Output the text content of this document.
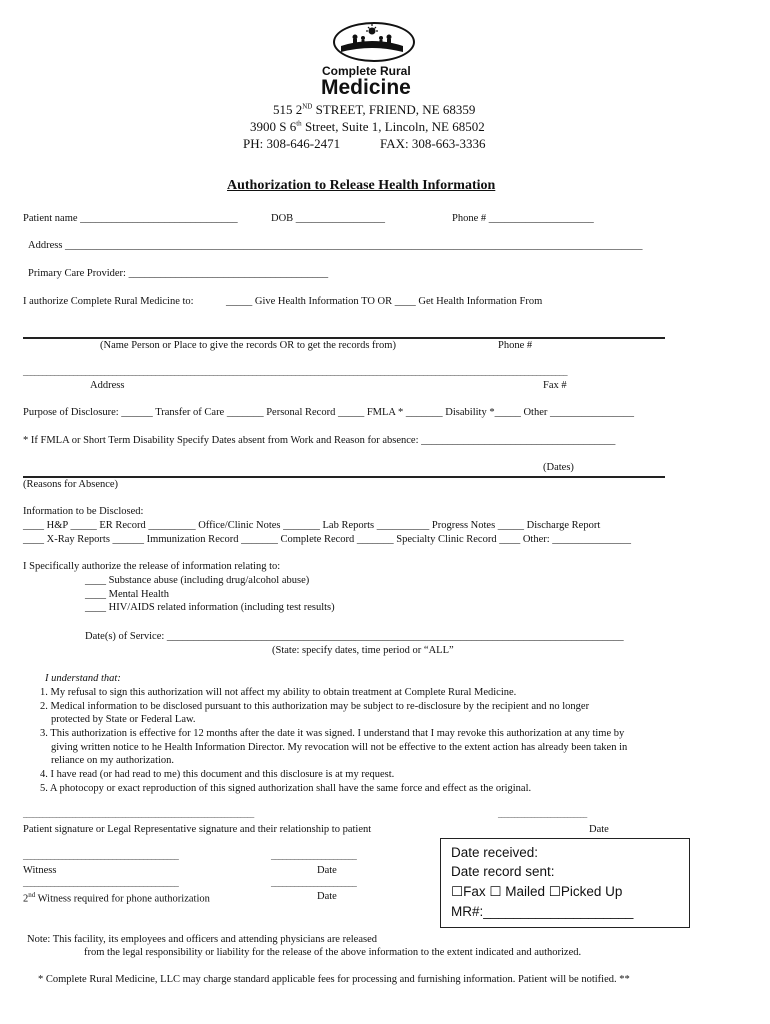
Complete Rural
Medicine
515 2ND STREET, FRIEND, NE 68359
3900 S 6th Street, Suite 1, Lincoln, NE 68502
PH: 308-646-2471	FAX: 308-663-3336
Authorization to Release Health Information
Patient name ______________________________	DOB _________________	Phone # ____________________
Address ______________________________________________________________________________________________________________
Primary Care Provider: ______________________________________
I authorize Complete Rural Medicine to:	_____ Give Health Information TO OR ____ Get Health Information From
(Name Person or Place to give the records OR to get the records from)	Phone #
____________________________________________________________________________________________________________________________________________
Address	Fax #
Purpose of Disclosure: ______ Transfer of Care _______ Personal Record _____ FMLA * _______ Disability *_____ Other ________________
* If FMLA or Short Term Disability Specify Dates absent from Work and Reason for absence: _____________________________________
(Dates)
(Reasons for Absence)
Information to be Disclosed:
____ H&P _____ ER Record _________ Office/Clinic Notes _______ Lab Reports __________ Progress Notes _____ Discharge Report
____ X-Ray Reports ______ Immunization Record _______ Complete Record _______ Specialty Clinic Record ____ Other: _______________
I Specifically authorize the release of information relating to:
____ Substance abuse (including drug/alcohol abuse)
____ Mental Health
____ HIV/AIDS related information (including test results)
Date(s) of Service: _______________________________________________________________________________________
(State: specify dates, time period or “ALL”
I understand that:
1. My refusal to sign this authorization will not affect my ability to obtain treatment at Complete Rural Medicine.
2. Medical information to be disclosed pursuant to this authorization may be subject to re-disclosure by the recipient and no longer
protected by State or Federal Law.
3. This authorization is effective for 12 months after the date it was signed. I understand that I may revoke this authorization at any time by
giving written notice to he Health Information Director. My revocation will not be effective to the extent action has already been taken in
reliance on my authorization.
4. I have read (or had read to me) this document and this disclosure is at my request.
5. A photocopy or exact reproduction of this signed authorization shall have the same force and effect as the original.
______________________________________________________________________	___________________________
Patient signature or Legal Representative signature and their relationship to patient	Date
________________________________________	______________________
Witness	Date
________________________________________	______________________
2nd Witness required for phone authorization	Date
Date received:
Date record sent:
☐Fax ☐ Mailed ☐Picked Up
MR#:____________________
Note: This facility, its employees and officers and attending physicians are released
from the legal responsibility or liability for the release of the above information to the extent indicated and authorized.
* Complete Rural Medicine, LLC may charge standard applicable fees for processing and furnishing information. Patient will be notified. **
